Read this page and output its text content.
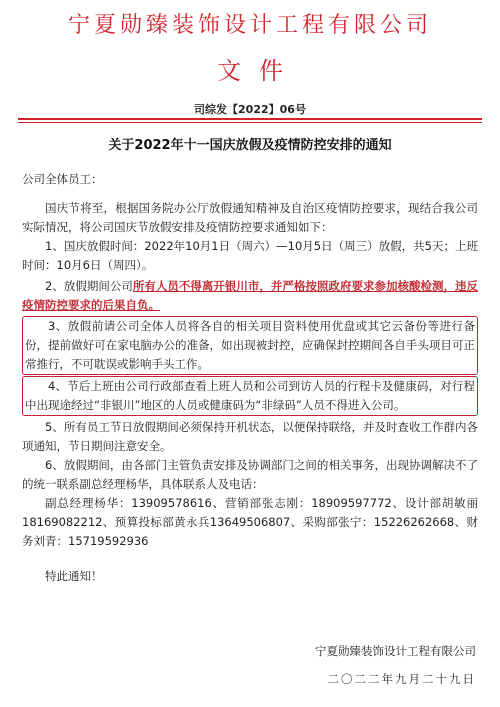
宁夏勋臻装饰设计工程有限公司
文件
司综发【2022】06号
关于2022年十一国庆放假及疫情防控安排的通知

公司全体员工：

国庆节将至，根据国务院办公厅放假通知精神及自治区疫情防控要求，现结合我公司实际情况，将公司国庆节放假安排及疫情防控要求通知如下：

1、国庆放假时间：2022年10月1日（周六）—10月5日（周三）放假，共5天；上班时间：10月6日（周四）。

2、放假期间公司所有人员不得离开银川市，并严格按照政府要求参加核酸检测，违反疫情防控要求的后果自负。

3、放假前请公司全体人员将各自的相关项目资料使用优盘或其它云备份等进行备份，提前做好可在家电脑办公的准备，如出现被封控，应确保封控期间各自手头项目可正常推行，不可耽误或影响手头工作。

4、节后上班由公司行政部查看上班人员和公司到访人员的行程卡及健康码，对行程中出现途经过“非银川”地区的人员或健康码为“非绿码”人员不得进入公司。

5、所有员工节日放假期间必须保持开机状态，以便保持联络，并及时查收工作群内各项通知，节日期间注意安全。

6、放假期间，由各部门主管负责安排及协调部门之间的相关事务，出现协调解决不了的统一联系副总经理杨华，具体联系人及电话：

副总经理杨华：13909578616、营销部张志刚：18909597772、设计部胡敏丽18169082212、预算投标部黄永兵13649506807、采购部张宁：15226262668、财务刘青：15719592936

特此通知！

宁夏勋臻装饰设计工程有限公司
二〇二二年九月二十九日
